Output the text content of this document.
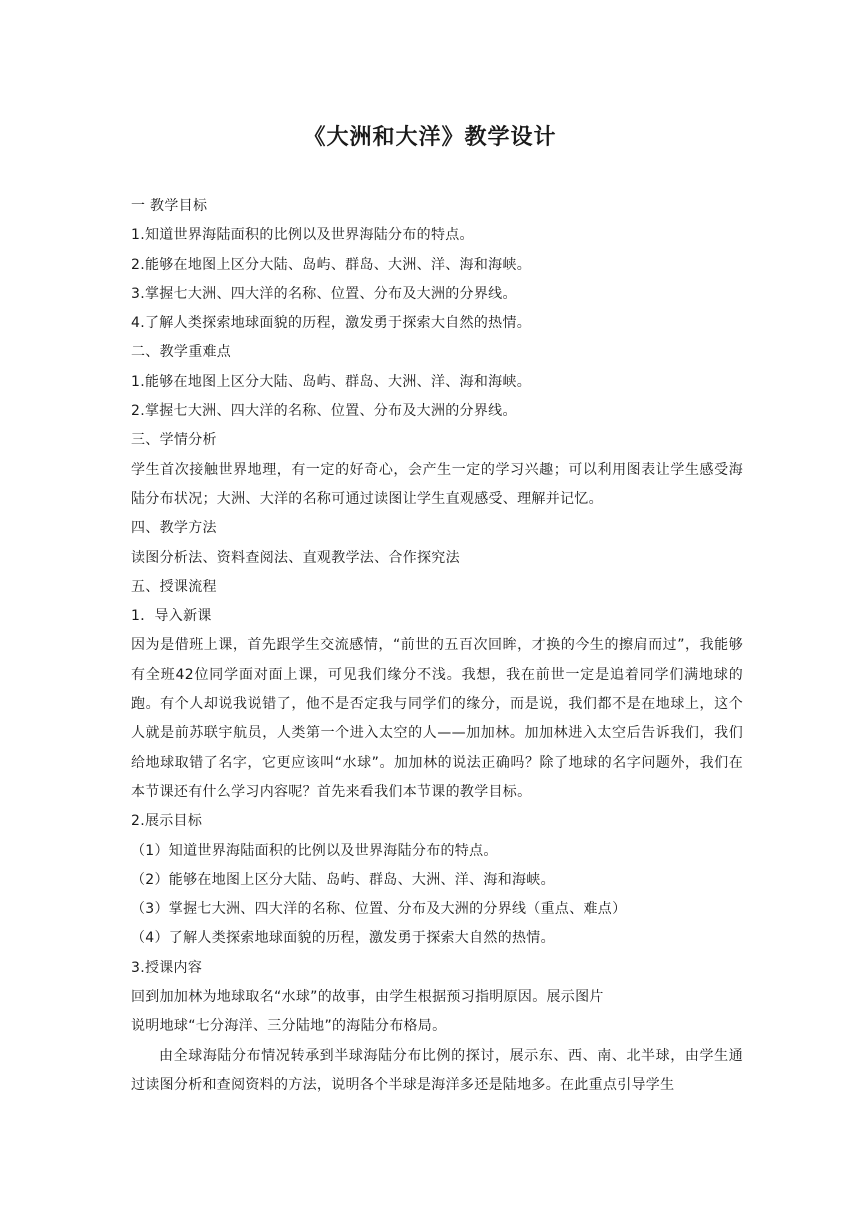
《大洲和大洋》教学设计

一 教学目标

1.知道世界海陆面积的比例以及世界海陆分布的特点。

2.能够在地图上区分大陆、岛屿、群岛、大洲、洋、海和海峡。

3.掌握七大洲、四大洋的名称、位置、分布及大洲的分界线。

4.了解人类探索地球面貌的历程，激发勇于探索大自然的热情。

二、教学重难点

1.能够在地图上区分大陆、岛屿、群岛、大洲、洋、海和海峡。

2.掌握七大洲、四大洋的名称、位置、分布及大洲的分界线。

三、学情分析

学生首次接触世界地理，有一定的好奇心，会产生一定的学习兴趣；可以利用图表让学生感受海陆分布状况；大洲、大洋的名称可通过读图让学生直观感受、理解并记忆。

四、教学方法

读图分析法、资料查阅法、直观教学法、合作探究法

五、授课流程

1．导入新课

因为是借班上课，首先跟学生交流感情，“前世的五百次回眸，才换的今生的擦肩而过”，我能够有全班42位同学面对面上课，可见我们缘分不浅。我想，我在前世一定是追着同学们满地球的跑。有个人却说我说错了，他不是否定我与同学们的缘分，而是说，我们都不是在地球上，这个人就是前苏联宇航员，人类第一个进入太空的人——加加林。加加林进入太空后告诉我们，我们给地球取错了名字，它更应该叫“水球”。加加林的说法正确吗？除了地球的名字问题外，我们在本节课还有什么学习内容呢？首先来看我们本节课的教学目标。

2.展示目标

（1）知道世界海陆面积的比例以及世界海陆分布的特点。

（2）能够在地图上区分大陆、岛屿、群岛、大洲、洋、海和海峡。

（3）掌握七大洲、四大洋的名称、位置、分布及大洲的分界线（重点、难点）

（4）了解人类探索地球面貌的历程，激发勇于探索大自然的热情。

3.授课内容

回到加加林为地球取名“水球”的故事，由学生根据预习指明原因。展示图片

说明地球“七分海洋、三分陆地”的海陆分布格局。

由全球海陆分布情况转承到半球海陆分布比例的探讨，展示东、西、南、北半球，由学生通过读图分析和查阅资料的方法，说明各个半球是海洋多还是陆地多。在此重点引导学生
